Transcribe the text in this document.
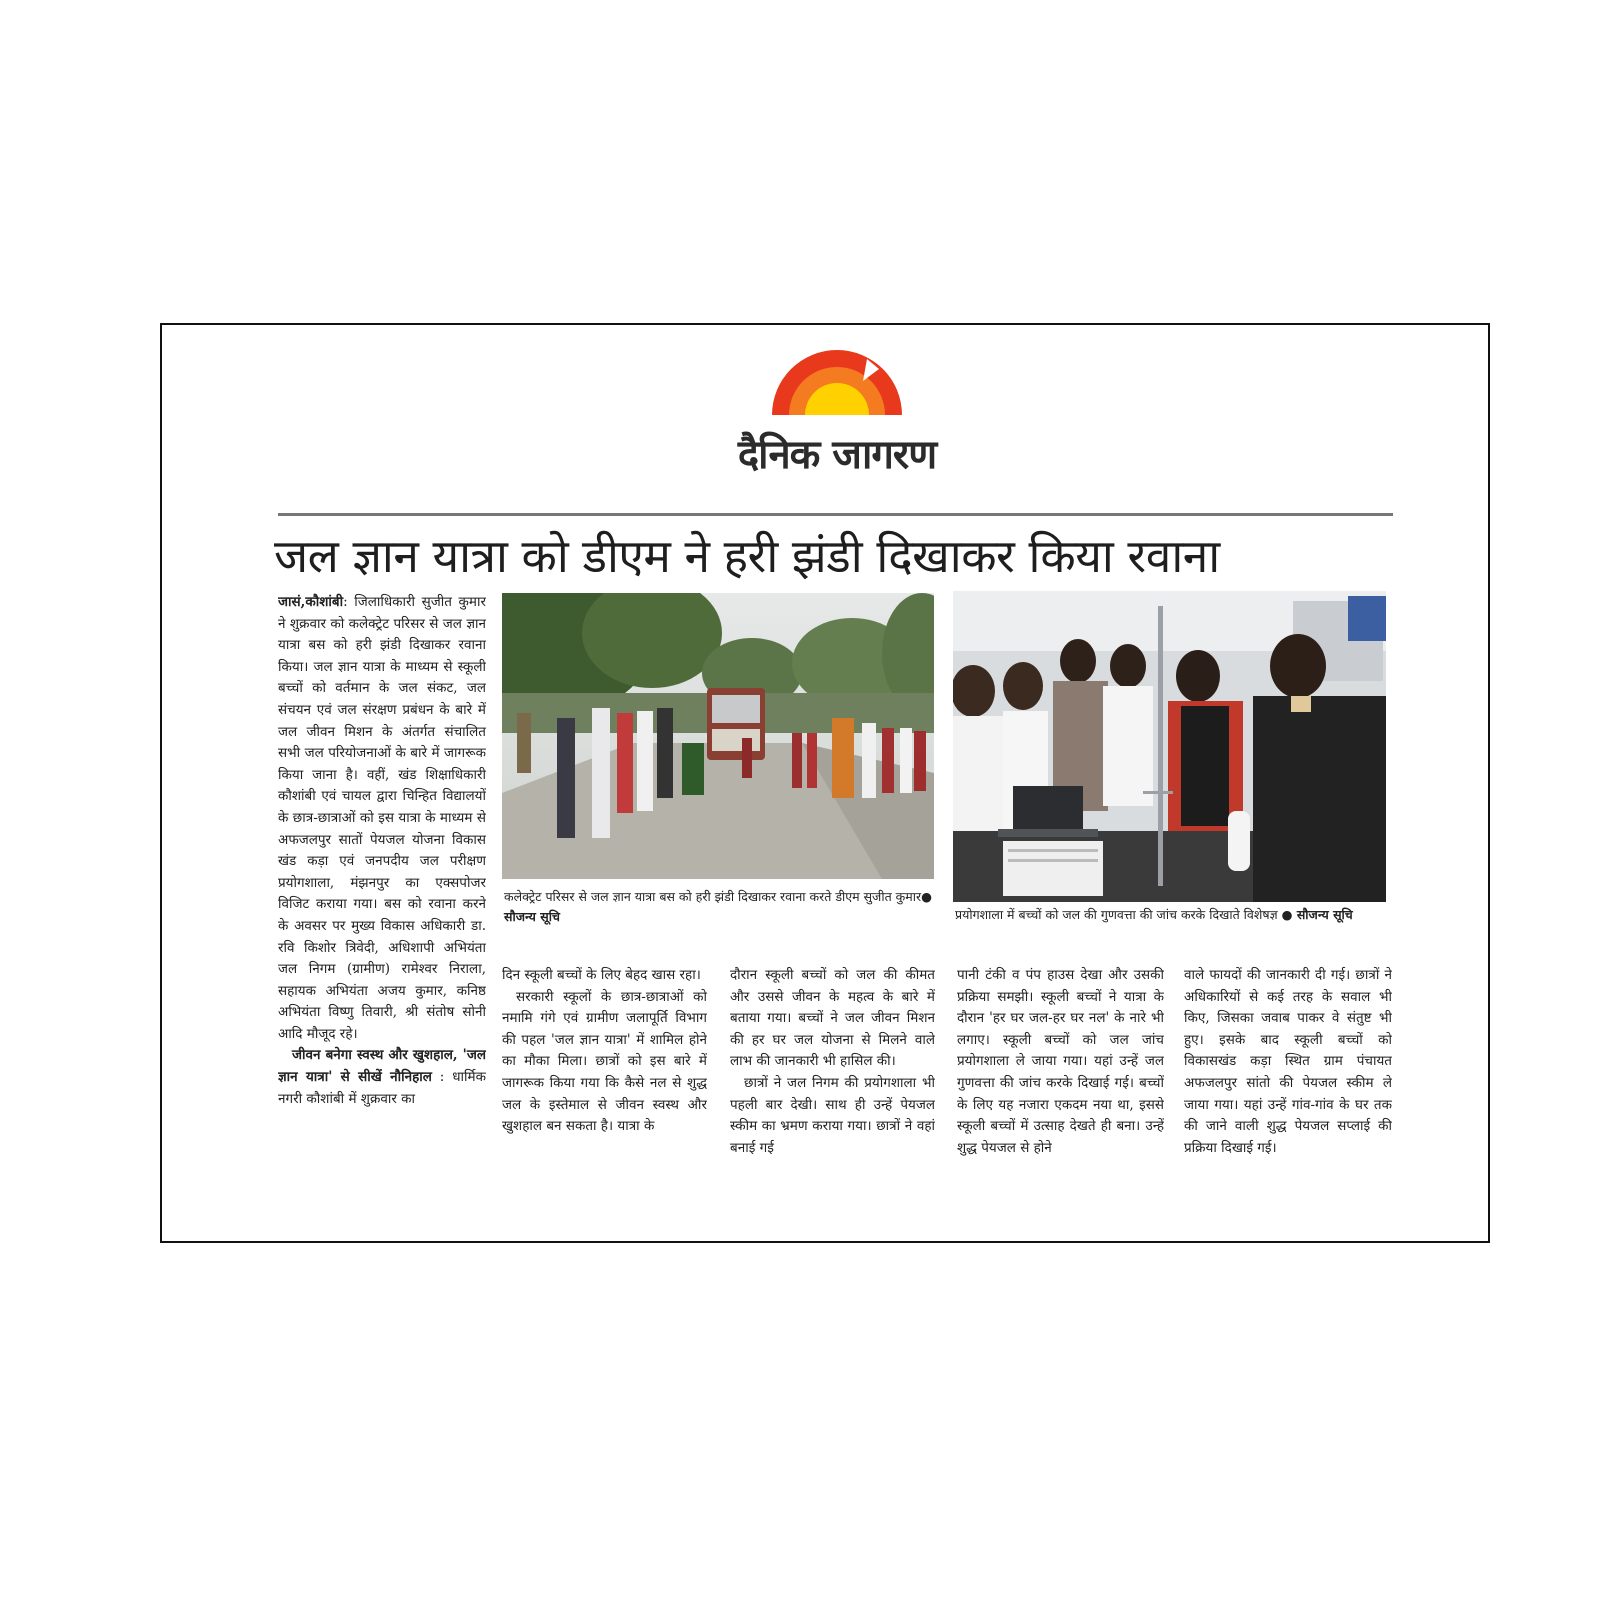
दैनिक जागरण
जल ज्ञान यात्रा को डीएम ने हरी झंडी दिखाकर किया रवाना

जासं,कौशांबी: जिलाधिकारी सुजीत कुमार ने शुक्रवार को कलेक्ट्रेट परिसर से जल ज्ञान यात्रा बस को हरी झंडी दिखाकर रवाना किया। जल ज्ञान यात्रा के माध्यम से स्कूली बच्चों को वर्तमान के जल संकट, जल संचयन एवं जल संरक्षण प्रबंधन के बारे में जल जीवन मिशन के अंतर्गत संचालित सभी जल परियोजनाओं के बारे में जागरूक किया जाना है। वहीं, खंड शिक्षाधिकारी कौशांबी एवं चायल द्वारा चिन्हित विद्यालयों के छात्र-छात्राओं को इस यात्रा के माध्यम से अफजलपुर सातों पेयजल योजना विकास खंड कड़ा एवं जनपदीय जल परीक्षण प्रयोगशाला, मंझनपुर का एक्सपोजर विजिट कराया गया। बस को रवाना करने के अवसर पर मुख्य विकास अधिकारी डा. रवि किशोर त्रिवेदी, अधिशापी अभियंता जल निगम (ग्रामीण) रामेश्वर निराला, सहायक अभियंता अजय कुमार, कनिष्ठ अभियंता विष्णु तिवारी, श्री संतोष सोनी आदि मौजूद रहे।

जीवन बनेगा स्वस्थ और खुशहाल, 'जल ज्ञान यात्रा' से सीखें नौनिहाल : धार्मिक नगरी कौशांबी में शुक्रवार का

कलेक्ट्रेट परिसर से जल ज्ञान यात्रा बस को हरी झंडी दिखाकर रवाना करते डीएम सुजीत कुमार● सौजन्य सूचि	प्रयोगशाला में बच्चों को जल की गुणवत्ता की जांच करके दिखाते विशेषज्ञ ● सौजन्य सूचि

दिन स्कूली बच्चों के लिए बेहद खास रहा।

सरकारी स्कूलों के छात्र-छात्राओं को नमामि गंगे एवं ग्रामीण जलापूर्ति विभाग की पहल 'जल ज्ञान यात्रा' में शामिल होने का मौका मिला। छात्रों को इस बारे में जागरूक किया गया कि कैसे नल से शुद्ध जल के इस्तेमाल से जीवन स्वस्थ और खुशहाल बन सकता है। यात्रा के

दौरान स्कूली बच्चों को जल की कीमत और उससे जीवन के महत्व के बारे में बताया गया। बच्चों ने जल जीवन मिशन की हर घर जल योजना से मिलने वाले लाभ की जानकारी भी हासिल की।

छात्रों ने जल निगम की प्रयोगशाला भी पहली बार देखी। साथ ही उन्हें पेयजल स्कीम का भ्रमण कराया गया। छात्रों ने वहां बनाई गई

पानी टंकी व पंप हाउस देखा और उसकी प्रक्रिया समझी। स्कूली बच्चों ने यात्रा के दौरान 'हर घर जल-हर घर नल' के नारे भी लगाए। स्कूली बच्चों को जल जांच प्रयोगशाला ले जाया गया। यहां उन्हें जल गुणवत्ता की जांच करके दिखाई गई। बच्चों के लिए यह नजारा एकदम नया था, इससे स्कूली बच्चों में उत्साह देखते ही बना। उन्हें शुद्ध पेयजल से होने

वाले फायदों की जानकारी दी गई। छात्रों ने अधिकारियों से कई तरह के सवाल भी किए, जिसका जवाब पाकर वे संतुष्ट भी हुए। इसके बाद स्कूली बच्चों को विकासखंड कड़ा स्थित ग्राम पंचायत अफजलपुर सांतो की पेयजल स्कीम ले जाया गया। यहां उन्हें गांव-गांव के घर तक की जाने वाली शुद्ध पेयजल सप्लाई की प्रक्रिया दिखाई गई।
